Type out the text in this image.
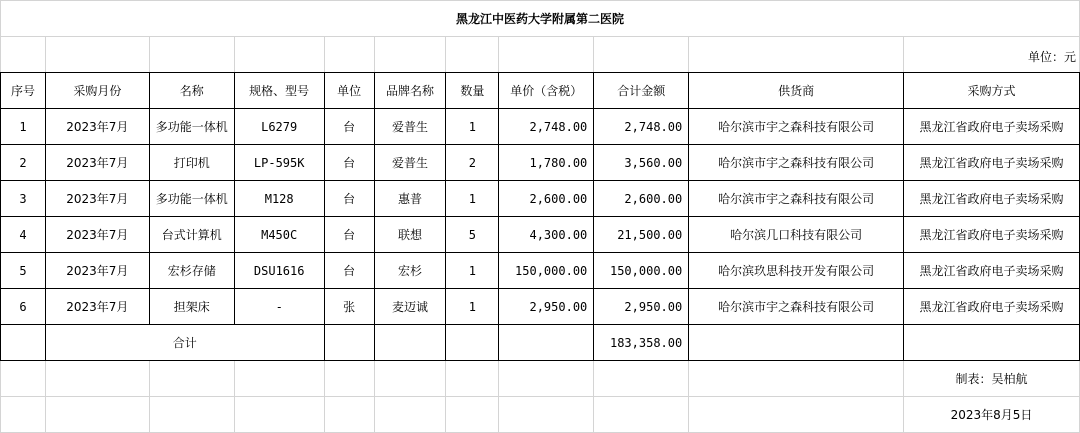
黑龙江中医药大学附属第二医院										

序号	采购月份	名称	规格、型号	单位	品牌名称	数量	单价（含税）	合计金额	供货商	采购方式
1	2023年7月	多功能一体机	L6279	台	爱普生	1	2,748.00	2,748.00	哈尔滨市宇之森科技有限公司	黑龙江省政府电子卖场采购
2	2023年7月	打印机	LP-595K	台	爱普生	2	1,780.00	3,560.00	哈尔滨市宇之森科技有限公司	黑龙江省政府电子卖场采购
3	2023年7月	多功能一体机	M128	台	惠普	1	2,600.00	2,600.00	哈尔滨市宇之森科技有限公司	黑龙江省政府电子卖场采购
4	2023年7月	台式计算机	M450C	台	联想	5	4,300.00	21,500.00	哈尔滨几口科技有限公司	黑龙江省政府电子卖场采购
5	2023年7月	宏杉存储	DSU1616	台	宏杉	1	150,000.00	150,000.00	哈尔滨玖思科技开发有限公司	黑龙江省政府电子卖场采购
6	2023年7月	担架床	-	张	麦迈诚	1	2,950.00	2,950.00	哈尔滨市宇之森科技有限公司	黑龙江省政府电子卖场采购
	合计							183,358.00		
										制表：吴柏航
										2023年8月5日
单位：元
